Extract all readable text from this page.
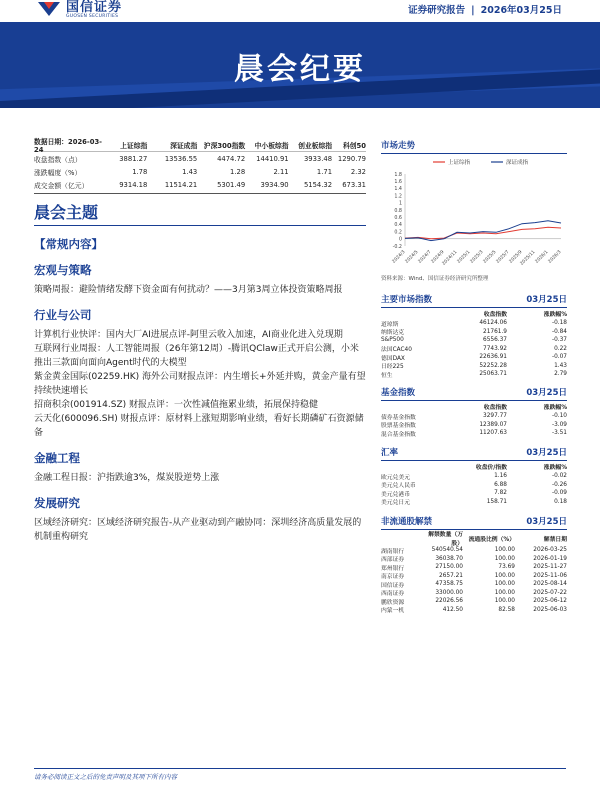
国信证券
GUOSEN SECURITIES
证券研究报告 | 2026年03月25日
晨会纪要
数据日期：2026-03-24	上证综指	深证成指 沪深300指数	中小板综指	创业板综指	科创50
收盘指数（点）	3881.27	13536.55	4474.72	14410.91	3933.48 1290.79
涨跌幅度（%）	1.78	1.43	1.28	2.11	1.71	2.32
成交金额（亿元）	9314.18	11514.21	5301.49	3934.90	5154.32	673.31
晨会主题
【常规内容】
宏观与策略
策略周报：避险情绪发酵下资金面有何扰动？——3月第3周立体投资策略周报
行业与公司
计算机行业快评：国内大厂AI进展点评-阿里云收入加速，AI商业化进入兑现期
互联网行业周报：人工智能周报（26年第12周）-腾讯QClaw正式开启公测，小米推出三款面向面向Agent时代的大模型
紫金黄金国际(02259.HK) 海外公司财报点评：内生增长+外延并购，黄金产量有望持续快速增长
招商积余(001914.SZ) 财报点评：一次性减值拖累业绩，拓展保持稳健
云天化(600096.SH) 财报点评：原材料上涨短期影响业绩，看好长期磷矿石资源储备
金融工程
金融工程日报：沪指跌逾3%，煤炭股逆势上涨
发展研究
区域经济研究：区域经济研究报告-从产业驱动到产融协同：深圳经济高质量发展的机制重构研究
市场走势
上证综指	深证成指
1.8
1.6
1.4
1.2
1
0.8
0.6
0.4
0.2
0
-0.2
2024/3
2024/5
2024/7
2024/9
2024/11
2025/1
2025/3
2025/5
2025/7
2025/9
2025/11
2026/1
2026/3
资料来源：Wind、国信证券经济研究所整理
主要市场指数	03月25日
收盘指数	涨跌幅%
道琼斯	46124.06	-0.18
纳斯达克	21761.9	-0.84
S&P500	6556.37	-0.37
法国CAC40	7743.92	0.22
德国DAX	22636.91	-0.07
日经225	52252.28	1.43
恒生	25063.71	2.79
基金指数	03月25日
收盘指数	涨跌幅%
债券基金指数	3297.77	-0.10
股票基金指数	12389.07	-3.09
混合基金指数	11207.63	-3.51
汇率	03月25日
收盘价/指数	涨跌幅%
欧元兑美元	1.16	-0.02
美元兑人民币	6.88	-0.26
美元兑港币	7.82	-0.09
美元兑日元	158.71	0.18
非流通股解禁	03月25日
解禁数量（万股）
流通股比例（%）	解禁日期
湖南银行	540540.54	100.00	2026-03-25
西部证券	36038.70	100.00	2026-01-19
郑州银行	27150.00	73.69	2025-11-27
南京证券	2657.21	100.00	2025-11-06
国信证券	47358.75	100.00	2025-08-14
西南证券	33000.00	100.00	2025-07-22
鹏欣资源	22026.56	100.00	2025-06-12
内蒙一机	412.50	82.58	2025-06-03
请务必阅读正文之后的免责声明及其项下所有内容
